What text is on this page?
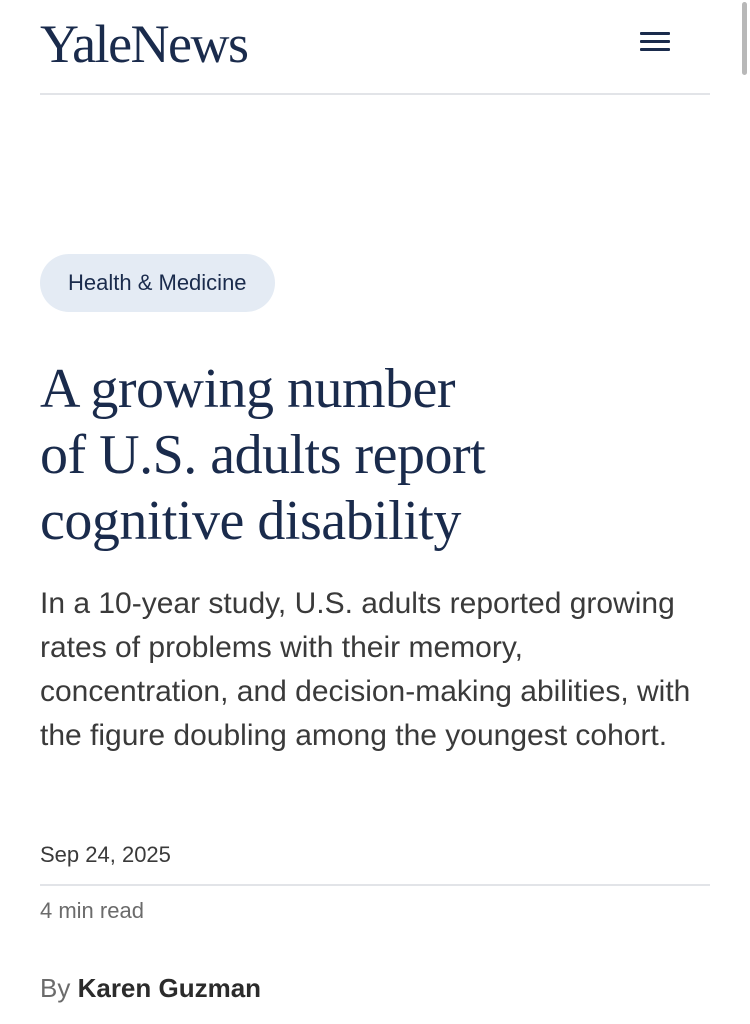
YaleNews
Health & Medicine
A growing number
of U.S. adults report
cognitive disability

In a 10-year study, U.S. adults reported growing rates of problems with their memory, concentration, and decision-making abilities, with the figure doubling among the youngest cohort.

Sep 24, 2025
4 min read
By Karen Guzman
